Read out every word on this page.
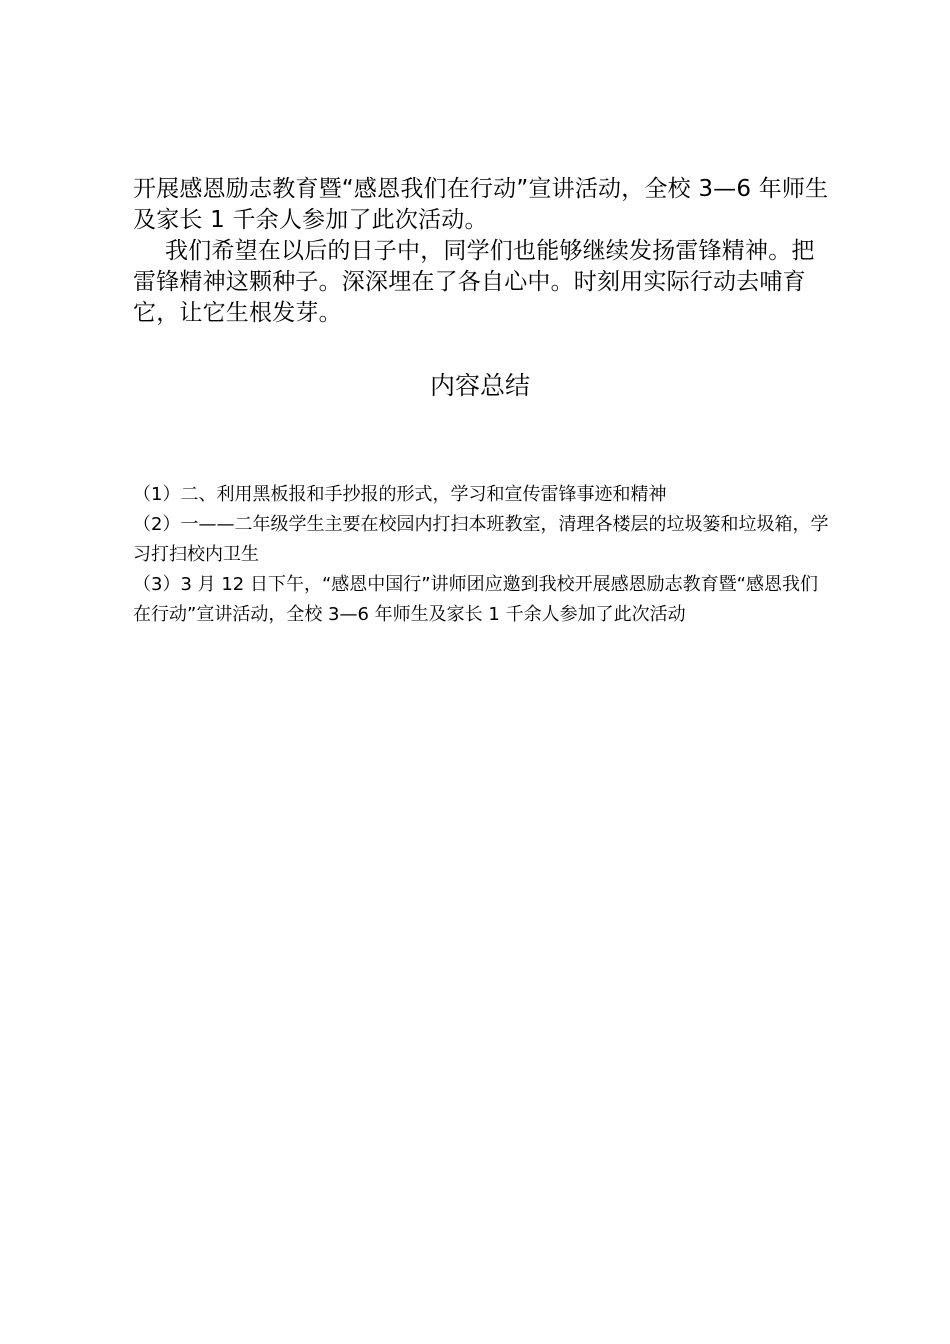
开展感恩励志教育暨“感恩我们在行动”宣讲活动，全校 3—6 年师生及家长 1 千余人参加了此次活动。

我们希望在以后的日子中，同学们也能够继续发扬雷锋精神。把雷锋精神这颗种子。深深埋在了各自心中。时刻用实际行动去哺育它，让它生根发芽。

内容总结

（1）二、利用黑板报和手抄报的形式，学习和宣传雷锋事迹和精神

（2）一——二年级学生主要在校园内打扫本班教室，清理各楼层的垃圾篓和垃圾箱，学习打扫校内卫生

（3）3 月 12 日下午，“感恩中国行”讲师团应邀到我校开展感恩励志教育暨“感恩我们在行动”宣讲活动，全校 3—6 年师生及家长 1 千余人参加了此次活动
